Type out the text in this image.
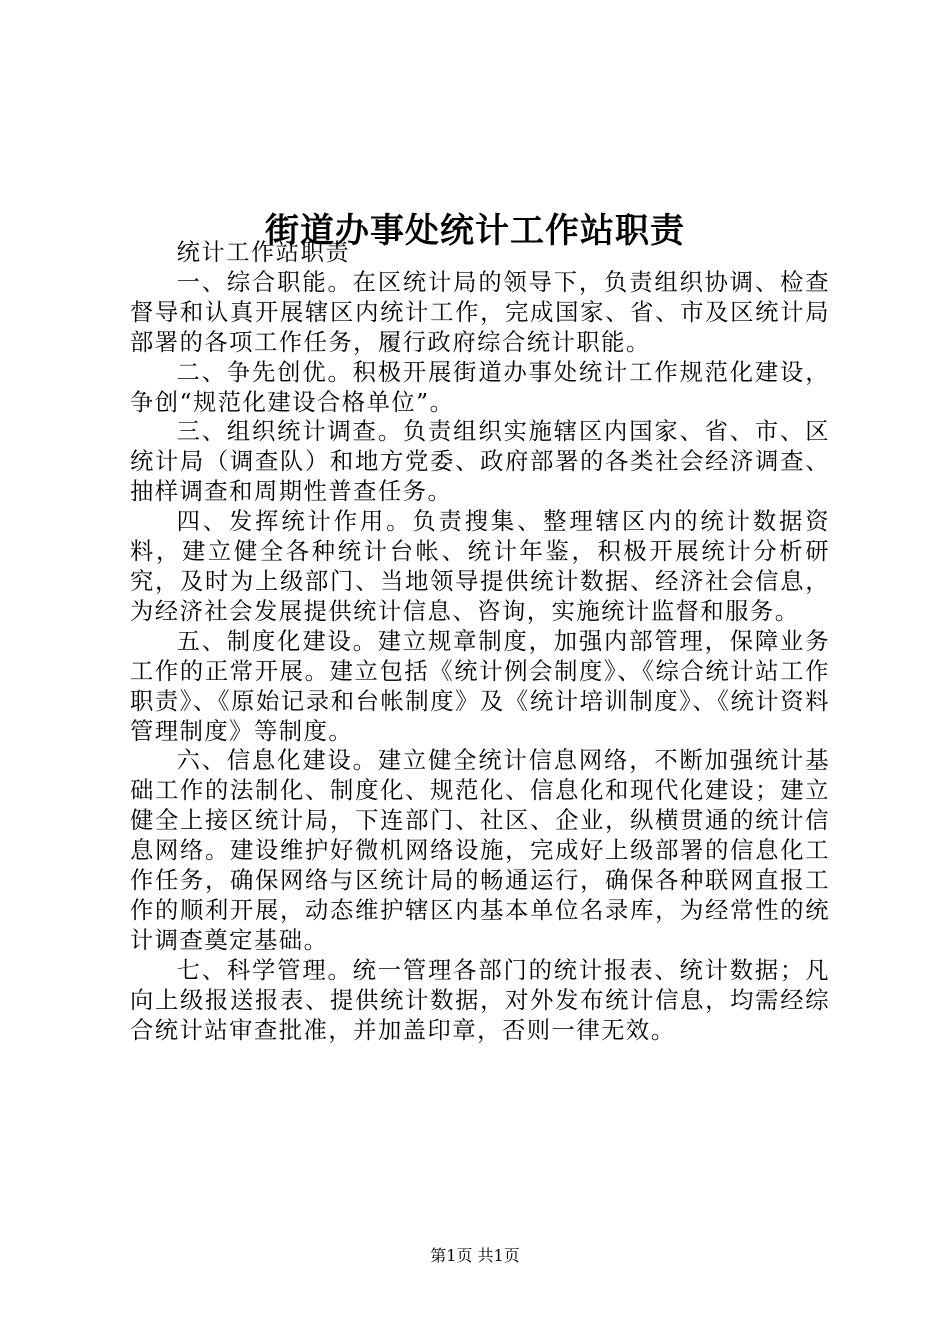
街道办事处统计工作站职责

统计工作站职责

一、综合职能。在区统计局的领导下，负责组织协调、检查督导和认真开展辖区内统计工作，完成国家、省、市及区统计局部署的各项工作任务，履行政府综合统计职能。

二、争先创优。积极开展街道办事处统计工作规范化建设，争创“规范化建设合格单位”。

三、组织统计调查。负责组织实施辖区内国家、省、市、区统计局（调查队）和地方党委、政府部署的各类社会经济调查、抽样调查和周期性普查任务。

四、发挥统计作用。负责搜集、整理辖区内的统计数据资料，建立健全各种统计台帐、统计年鉴，积极开展统计分析研究，及时为上级部门、当地领导提供统计数据、经济社会信息，为经济社会发展提供统计信息、咨询，实施统计监督和服务。

五、制度化建设。建立规章制度，加强内部管理，保障业务工作的正常开展。建立包括《统计例会制度》、《综合统计站工作职责》、《原始记录和台帐制度》及《统计培训制度》、《统计资料管理制度》等制度。

六、信息化建设。建立健全统计信息网络，不断加强统计基础工作的法制化、制度化、规范化、信息化和现代化建设；建立健全上接区统计局，下连部门、社区、企业，纵横贯通的统计信息网络。建设维护好微机网络设施，完成好上级部署的信息化工作任务，确保网络与区统计局的畅通运行，确保各种联网直报工作的顺利开展，动态维护辖区内基本单位名录库，为经常性的统计调查奠定基础。

七、科学管理。统一管理各部门的统计报表、统计数据；凡向上级报送报表、提供统计数据，对外发布统计信息，均需经综合统计站审查批准，并加盖印章，否则一律无效。

第1页 共1页
